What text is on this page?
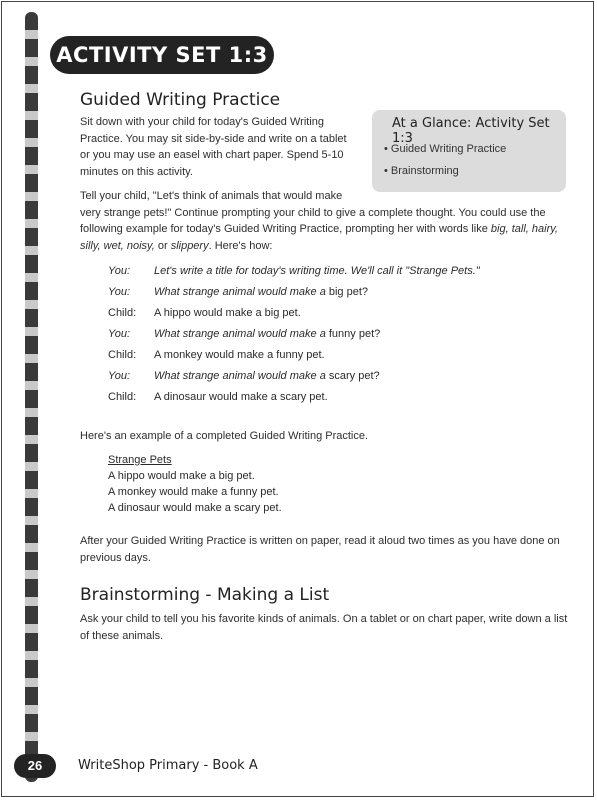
ACTIVITY SET 1:3
Guided Writing Practice
Sit down with your child for today's Guided Writing
Practice. You may sit side-by-side and write on a tablet
or you may use an easel with chart paper. Spend 5-10
minutes on this activity.
At a Glance: Activity Set 1:3
• Guided Writing Practice
• Brainstorming
Tell your child, "Let's think of animals that would make
very strange pets!" Continue prompting your child to give a complete thought. You could use the
following example for today's Guided Writing Practice, prompting her with words like big, tall, hairy,
silly, wet, noisy, or slippery. Here's how:
You: Let's write a title for today's writing time. We'll call it "Strange Pets."
You: What strange animal would make a big pet?
Child: A hippo would make a big pet.
You: What strange animal would make a funny pet?
Child: A monkey would make a funny pet.
You: What strange animal would make a scary pet?
Child: A dinosaur would make a scary pet.
Here's an example of a completed Guided Writing Practice.
Strange Pets
A hippo would make a big pet.
A monkey would make a funny pet.
A dinosaur would make a scary pet.
After your Guided Writing Practice is written on paper, read it aloud two times as you have done on
previous days.
Brainstorming - Making a List
Ask your child to tell you his favorite kinds of animals. On a tablet or on chart paper, write down a list
of these animals.
26	WriteShop Primary - Book A
